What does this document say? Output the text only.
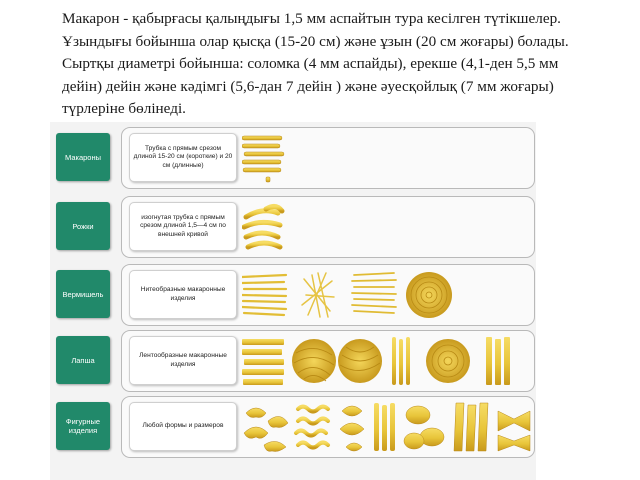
Макарон - қабырғасы қалыңдығы 1,5 мм аспайтын тура кесілген түтікшелер. Ұзындығы бойынша олар қысқа (15-20 см) және ұзын (20 см жоғары) болады. Сыртқы диаметрі бойынша: соломка (4 мм аспайды), ерекше (4,1-ден 5,5 мм дейін) дейін және кәдімгі (5,6-дан 7 дейін ) және әуесқойлық (7 мм жоғары) түрлеріне бөлінеді.
Макароны
Трубка с прямым срезом длиной 15-20 см (короткие) и 20 см (длинные)
Рожки
изогнутая трубка с прямым срезом длиной 1,5—4 см по внешней кривой
Вермишель	Нитеобразные макаронные изделия
Лапша	Лентообразные макаронные изделия
Фигурные изделия
Любой формы и размеров
